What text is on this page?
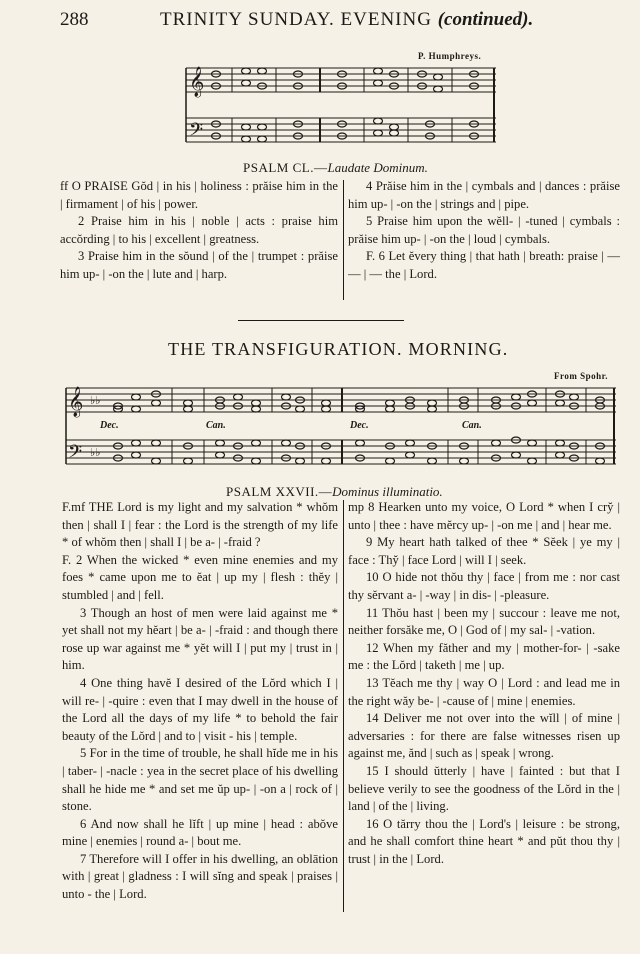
288	TRINITY SUNDAY. EVENING (continued).
P. Humphreys.
𝄞
𝄢
PSALM CL.—Laudate Dominum.

ff O PRAISE Gŏd | in his | holiness : prăise him in the | firmament | of his | power.

2 Praise him in his | noble | acts : praise him accŏrding | to his | excellent | greatness.

3 Praise him in the sŏund | of the | trumpet : prăise him up- | -on the | lute and | harp.

4 Prăise him in the | cymbals and | dances : prăise him up- | -on the | strings and | pipe.

5 Praise him upon the wĕll- | -tuned | cymbals : prăise him up- | -on the | loud | cymbals.

F. 6 Let ĕvery thing | that hath | breath: praise | — — | — the | Lord.

THE TRANSFIGURATION. MORNING.
From Spohr.
𝄞 ♭♭
𝄢 ♭♭
Dec.	Can.	Dec.	Can.
PSALM XXVII.—Dominus illuminatio.

F.mf THE Lord is my light and my salvation * whŏm then | shall I | fear : the Lord is the strength of my life * of whŏm then | shall I | be a- | -fraid ?

F. 2 When the wicked * even mine enemies and my foes * came upon me to ĕat | up my | flesh : thĕy | stumbled | and | fell.

3 Though an host of men were laid against me * yet shall not my hĕart | be a- | -fraid : and though there rose up war against me * yĕt will I | put my | trust in | him.

4 One thing havĕ I desired of the Lŏrd which I | will re- | -quire : even that I may dwell in the house of the Lord all the days of my life * to behold the fair beauty of the Lŏrd | and to | visit - his | temple.

5 For in the time of trouble, he shall hĭde me in his | taber- | -nacle : yea in the secret place of his dwelling shall he hide me * and set me ŭp up- | -on a | rock of | stone.

6 And now shall he lĭft | up mine | head : abŏve mine | enemies | round a- | bout me.

7 Therefore will I offer in his dwelling, an oblātion with | great | gladness : I will sĭng and speak | praises | unto - the | Lord.

mp 8 Hearken unto my voice, O Lord * when I cry̆ | unto | thee : have mĕrcy up- | -on me | and | hear me.

9 My heart hath talked of thee * Sĕek | ye my | face : Thy̆ | face Lord | will I | seek.

10 O hide not thŏu thy | face | from me : nor cast thy sĕrvant a- | -way | in dis- | -pleasure.

11 Thŏu hast | been my | succour : leave me not, neither forsăke me, O | God of | my sal- | -vation.

12 When my făther and my | mother-for- | -sake me : the Lŏrd | taketh | me | up.

13 Tĕach me thy | way O | Lord : and lead me in the right wăy be- | -cause of | mine | enemies.

14 Deliver me not over into the wĭll | of mine | adversaries : for there are false witnesses risen up against me, ănd | such as | speak | wrong.

15 I should ŭtterly | have | fainted : but that I believe verily to see the goodness of the Lŏrd in the | land | of the | living.

16 O tărry thou the | Lord's | leisure : be strong, and he shall comfort thine heart * and pŭt thou thy | trust | in the | Lord.
